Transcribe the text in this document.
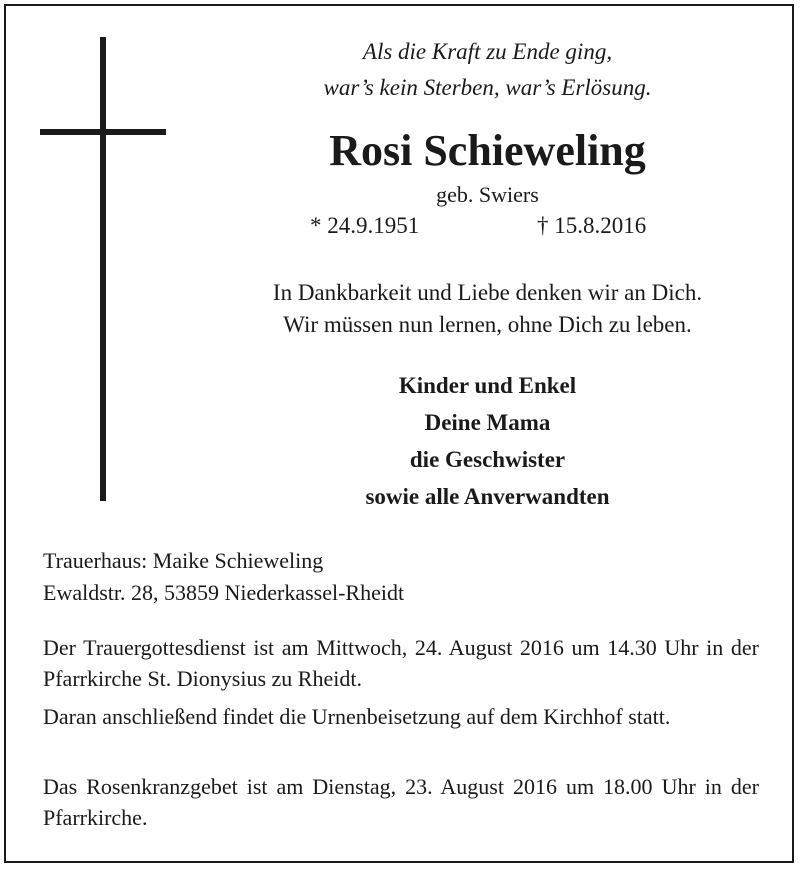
Als die Kraft zu Ende ging,
war’s kein Sterben, war’s Erlösung.
Rosi Schieweling
geb. Swiers
* 24.9.1951	† 15.8.2016
In Dankbarkeit und Liebe denken wir an Dich.
Wir müssen nun lernen, ohne Dich zu leben.
Kinder und Enkel
Deine Mama
die Geschwister
sowie alle Anverwandten
Trauerhaus: Maike Schieweling
Ewaldstr. 28, 53859 Niederkassel-Rheidt
Der Trauergottesdienst ist am Mittwoch, 24. August 2016 um 14.30 Uhr in der Pfarrkirche St. Dionysius zu Rheidt.
Daran anschließend findet die Urnenbeisetzung auf dem Kirchhof statt.
Das Rosenkranzgebet ist am Dienstag, 23. August 2016 um 18.00 Uhr in der Pfarrkirche.
